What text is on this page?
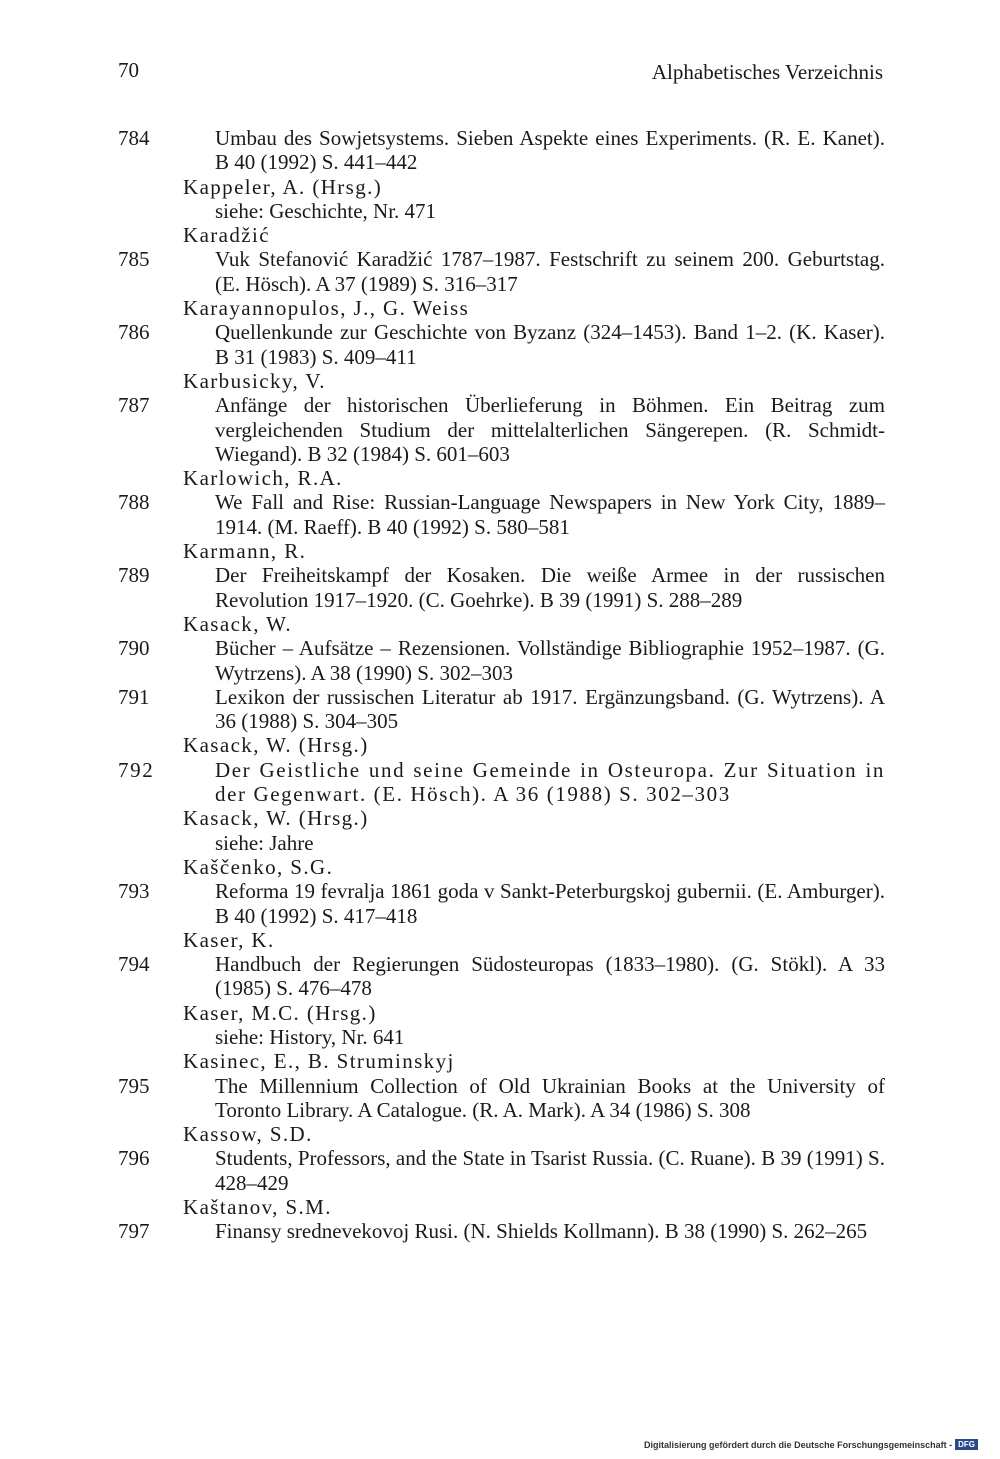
70	Alphabetisches Verzeichnis
784	Umbau des Sowjetsystems. Sieben Aspekte eines Experiments. (R. E. Kanet). B 40 (1992) S. 441–442
Kappeler, A. (Hrsg.)
siehe: Geschichte, Nr. 471
Karadžić
785	Vuk Stefanović Karadžić 1787–1987. Festschrift zu seinem 200. Geburtstag. (E. Hösch). A 37 (1989) S. 316–317
Karayannopulos, J., G. Weiss
786	Quellenkunde zur Geschichte von Byzanz (324–1453). Band 1–2. (K. Kaser). B 31 (1983) S. 409–411
Karbusicky, V.
787	Anfänge der historischen Überlieferung in Böhmen. Ein Beitrag zum vergleichenden Studium der mittelalterlichen Sängerepen. (R. Schmidt-Wiegand). B 32 (1984) S. 601–603
Karlowich, R.A.
788	We Fall and Rise: Russian-Language Newspapers in New York City, 1889–1914. (M. Raeff). B 40 (1992) S. 580–581
Karmann, R.
789	Der Freiheitskampf der Kosaken. Die weiße Armee in der russischen Revolution 1917–1920. (C. Goehrke). B 39 (1991) S. 288–289
Kasack, W.
790	Bücher – Aufsätze – Rezensionen. Vollständige Bibliographie 1952–1987. (G. Wytrzens). A 38 (1990) S. 302–303
791	Lexikon der russischen Literatur ab 1917. Ergänzungsband. (G. Wytrzens). A 36 (1988) S. 304–305
Kasack, W. (Hrsg.)
792	Der Geistliche und seine Gemeinde in Osteuropa. Zur Situation in der Gegenwart. (E. Hösch). A 36 (1988) S. 302–303
Kasack, W. (Hrsg.)
siehe: Jahre
Kaščenko, S.G.
793	Reforma 19 fevralja 1861 goda v Sankt-Peterburgskoj gubernii. (E. Amburger). B 40 (1992) S. 417–418
Kaser, K.
794	Handbuch der Regierungen Südosteuropas (1833–1980). (G. Stökl). A 33 (1985) S. 476–478
Kaser, M.C. (Hrsg.)
siehe: History, Nr. 641
Kasinec, E., B. Struminskyj
795	The Millennium Collection of Old Ukrainian Books at the University of Toronto Library. A Catalogue. (R. A. Mark). A 34 (1986) S. 308
Kassow, S.D.
796	Students, Professors, and the State in Tsarist Russia. (C. Ruane). B 39 (1991) S. 428–429
Kaštanov, S.M.
797	Finansy srednevekovoj Rusi. (N. Shields Kollmann). B 38 (1990) S. 262–265
Digitalisierung gefördert durch die Deutsche Forschungsgemeinschaft - DFG
